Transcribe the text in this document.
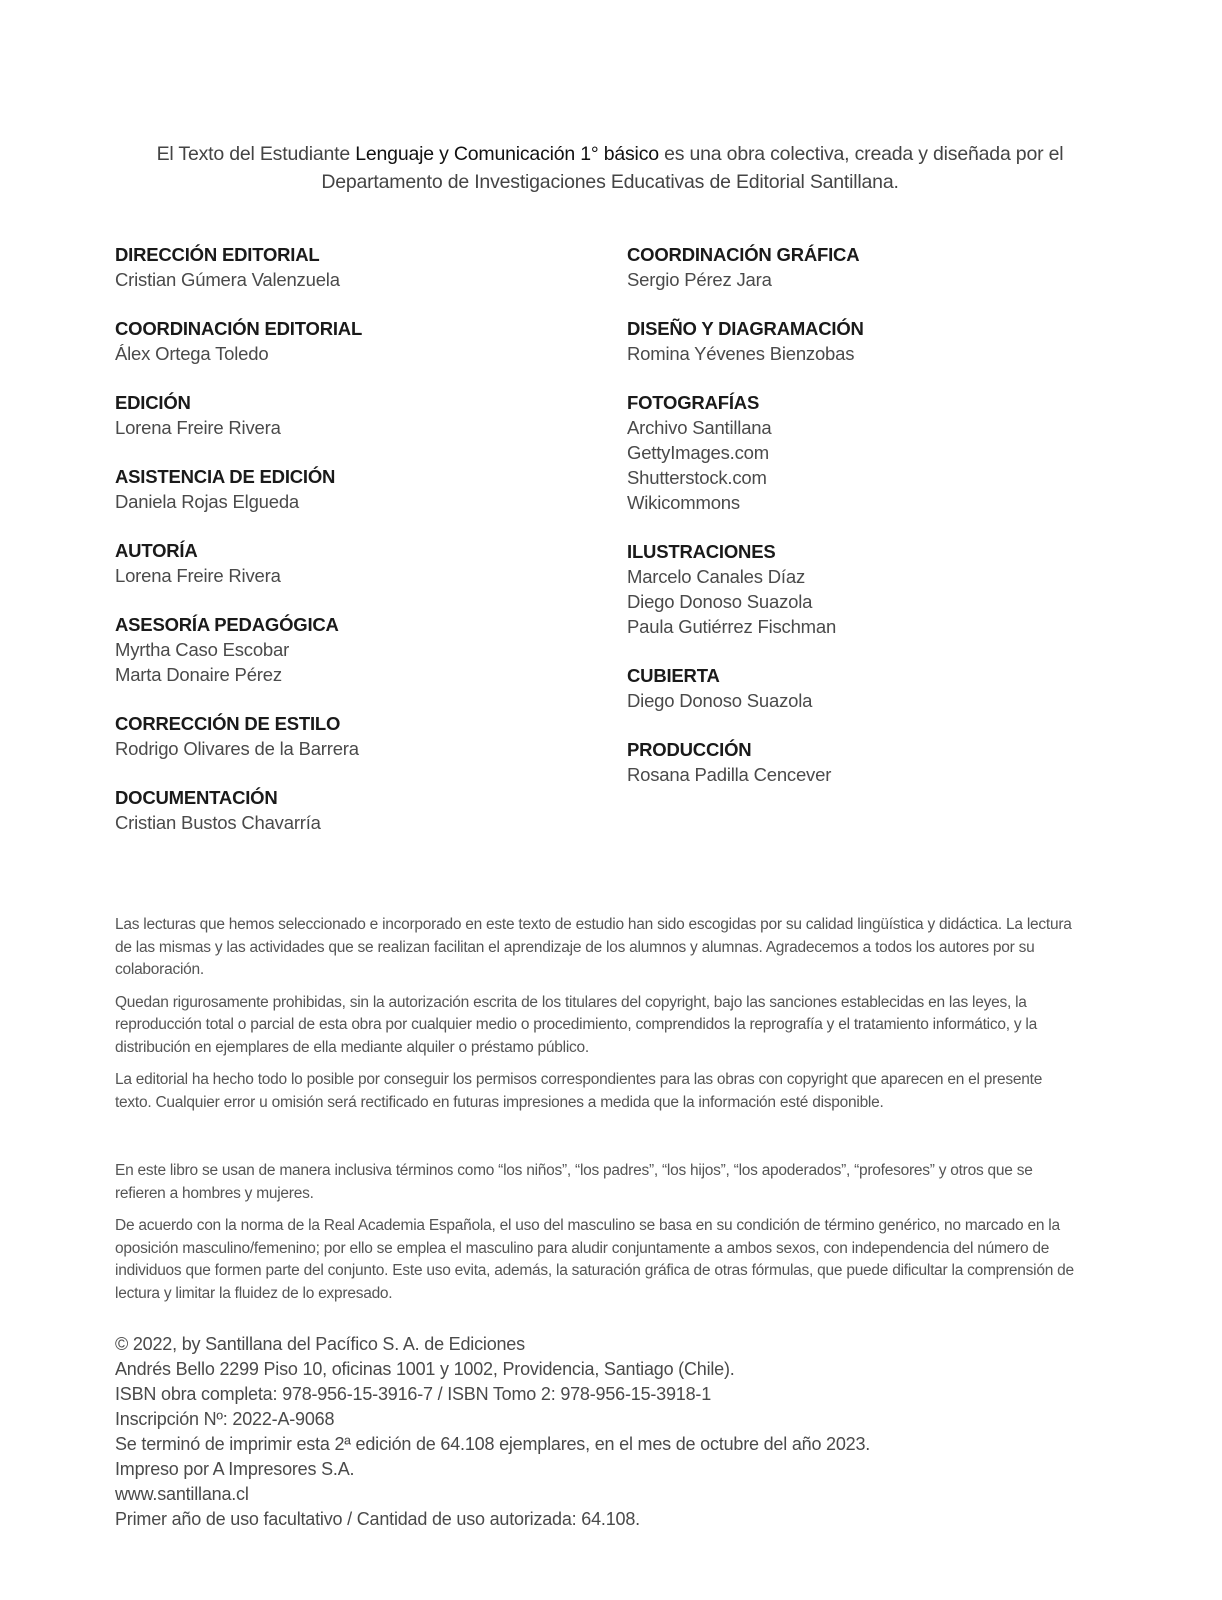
El Texto del Estudiante Lenguaje y Comunicación 1° básico es una obra colectiva, creada y diseñada por el
Departamento de Investigaciones Educativas de Editorial Santillana.
DIRECCIÓN EDITORIAL
Cristian Gúmera Valenzuela
COORDINACIÓN EDITORIAL
Álex Ortega Toledo
EDICIÓN
Lorena Freire Rivera
ASISTENCIA DE EDICIÓN
Daniela Rojas Elgueda
AUTORÍA
Lorena Freire Rivera
ASESORÍA PEDAGÓGICA
Myrtha Caso Escobar
Marta Donaire Pérez
CORRECCIÓN DE ESTILO
Rodrigo Olivares de la Barrera
DOCUMENTACIÓN
Cristian Bustos Chavarría
COORDINACIÓN GRÁFICA
Sergio Pérez Jara
DISEÑO Y DIAGRAMACIÓN
Romina Yévenes Bienzobas
FOTOGRAFÍAS
Archivo Santillana
GettyImages.com
Shutterstock.com
Wikicommons
ILUSTRACIONES
Marcelo Canales Díaz
Diego Donoso Suazola
Paula Gutiérrez Fischman
CUBIERTA
Diego Donoso Suazola
PRODUCCIÓN
Rosana Padilla Cencever

Las lecturas que hemos seleccionado e incorporado en este texto de estudio han sido escogidas por su calidad lingüística y didáctica. La lectura de las mismas y las actividades que se realizan facilitan el aprendizaje de los alumnos y alumnas. Agradecemos a todos los autores por su colaboración.

Quedan rigurosamente prohibidas, sin la autorización escrita de los titulares del copyright, bajo las sanciones establecidas en las leyes, la reproducción total o parcial de esta obra por cualquier medio o procedimiento, comprendidos la reprografía y el tratamiento informático, y la distribución en ejemplares de ella mediante alquiler o préstamo público.

La editorial ha hecho todo lo posible por conseguir los permisos correspondientes para las obras con copyright que aparecen en el presente texto. Cualquier error u omisión será rectificado en futuras impresiones a medida que la información esté disponible.

En este libro se usan de manera inclusiva términos como “los niños”, “los padres”, “los hijos”, “los apoderados”, “profesores” y otros que se refieren a hombres y mujeres.

De acuerdo con la norma de la Real Academia Española, el uso del masculino se basa en su condición de término genérico, no marcado en la oposición masculino/femenino; por ello se emplea el masculino para aludir conjuntamente a ambos sexos, con independencia del número de individuos que formen parte del conjunto. Este uso evita, además, la saturación gráfica de otras fórmulas, que puede dificultar la comprensión de lectura y limitar la fluidez de lo expresado.

© 2022, by Santillana del Pacífico S. A. de Ediciones
Andrés Bello 2299 Piso 10, oficinas 1001 y 1002, Providencia, Santiago (Chile).
ISBN obra completa: 978-956-15-3916-7 / ISBN Tomo 2: 978-956-15-3918-1
Inscripción Nº: 2022-A-9068
Se terminó de imprimir esta 2ª edición de 64.108 ejemplares, en el mes de octubre del año 2023.
Impreso por A Impresores S.A.
www.santillana.cl
Primer año de uso facultativo / Cantidad de uso autorizada: 64.108.
